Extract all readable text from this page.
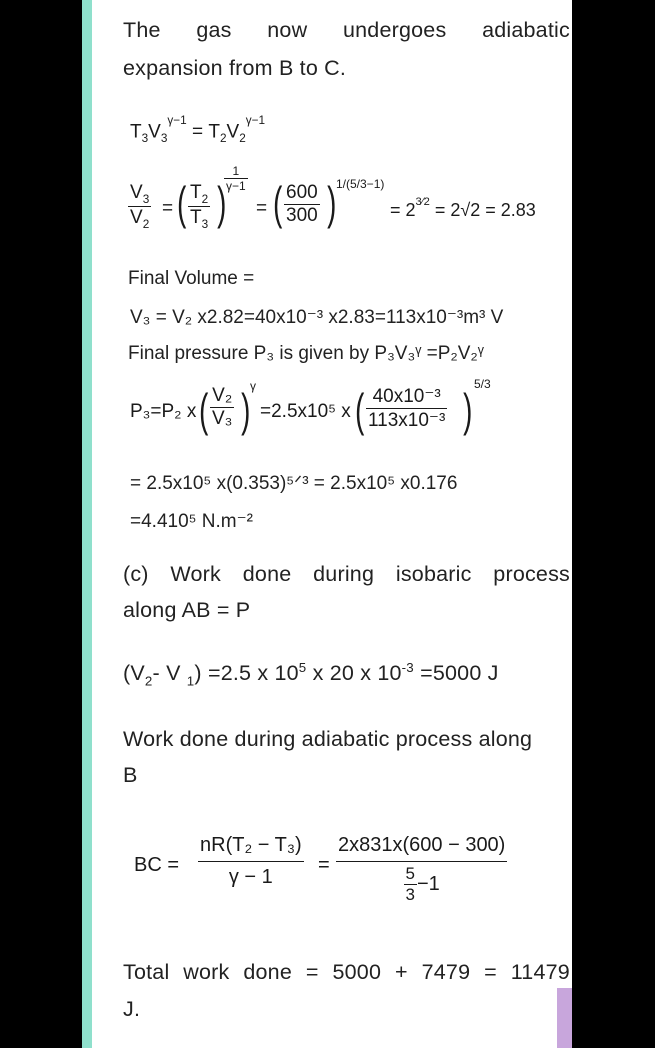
The gas now undergoes adiabatic
expansion from B to C.
$T_3V_3^{\gamma-1} = T_2V_2^{\gamma-1}$
$\frac{V_3}{V_2}$ = ( $\frac{T_2}{T_3}$ )
$\frac{1}{\gamma-1}$
= ( $\frac{600}{300}$ ) 1/(5/3−1)
= $2^{3⁄2} = 2√2 = 2.83$
Final Volume =
V₃ = V₂ x2.82=40x10⁻³ x2.83=113x10⁻³m³ V
Final pressure P₃ is given by P₃V₃ᵞ =P₂V₂ᵞ
P₃=P₂ x ( $\frac{\text{V₂}}{\text{V₃}}$ ) γ
=2.5x10⁵ x ( $\frac{\text{40x10⁻³}}{\text{113x10⁻³}}$ ) 5/3
= 2.5x10⁵ x(0.353)⁵ᐟ³ = 2.5x10⁵ x0.176
=4.410⁵ N.m⁻²
(c) Work done during isobaric process
along AB = P
($V_2-$ V $_1$) =2.5 x $10^5$ x 20 x $10^{-3} =5000$ J
Work done during adiabatic process along
B
BC = $\frac{\text{nR(T₂ − T₃)}}{\gamma - 1} = \frac{2x831x(600 - 300)}{\frac{5}{3} -1}$
Total work done = 5000 + 7479 = 11479
J.
